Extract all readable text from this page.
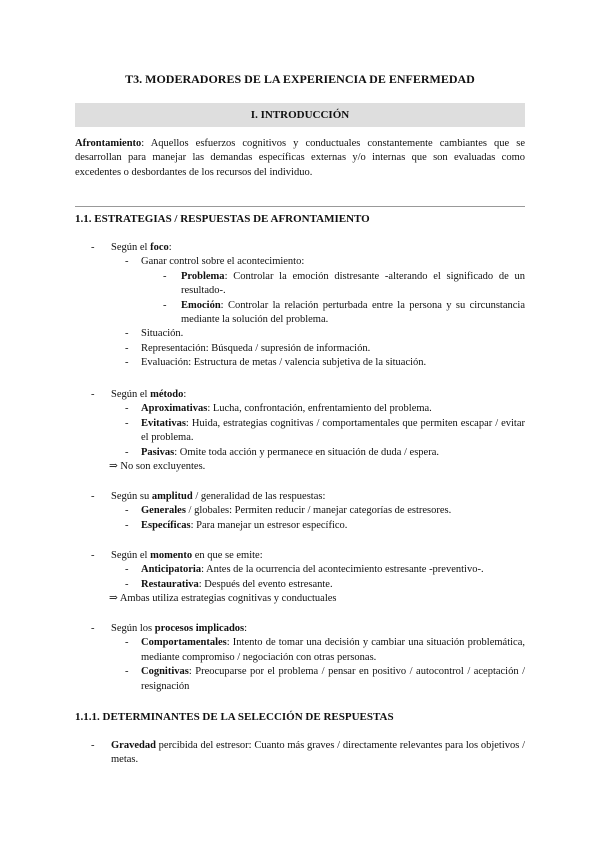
T3. MODERADORES DE LA EXPERIENCIA DE ENFERMEDAD
I. INTRODUCCIÓN
Afrontamiento: Aquellos esfuerzos cognitivos y conductuales constantemente cambiantes que se desarrollan para manejar las demandas específicas externas y/o internas que son evaluadas como excedentes o desbordantes de los recursos del individuo.
1.1. ESTRATEGIAS / RESPUESTAS DE AFRONTAMIENTO
-	Según el foco:
-	Ganar control sobre el acontecimiento:
-	Problema: Controlar la emoción distresante -alterando el significado de un resultado-.
-	Emoción: Controlar la relación perturbada entre la persona y su circunstancia mediante la solución del problema.
-	Situación.
-	Representación: Búsqueda / supresión de información.
-	Evaluación: Estructura de metas / valencia subjetiva de la situación.
-	Según el método:
-	Aproximativas: Lucha, confrontación, enfrentamiento del problema.
-	Evitativas: Huida, estrategias cognitivas / comportamentales que permiten escapar / evitar el problema.
-	Pasivas: Omite toda acción y permanece en situación de duda / espera.
⇒ No son excluyentes.
-	Según su amplitud / generalidad de las respuestas:
-	Generales / globales: Permiten reducir / manejar categorías de estresores.
-	Específicas: Para manejar un estresor específico.
-	Según el momento en que se emite:
-	Anticipatoria: Antes de la ocurrencia del acontecimiento estresante -preventivo-.
-	Restaurativa: Después del evento estresante.
⇒ Ambas utiliza estrategias cognitivas y conductuales
-	Según los procesos implicados:
-	Comportamentales: Intento de tomar una decisión y cambiar una situación problemática, mediante compromiso / negociación con otras personas.
-	Cognitivas: Preocuparse por el problema / pensar en positivo / autocontrol / aceptación / resignación
1.1.1. DETERMINANTES DE LA SELECCIÓN DE RESPUESTAS
-	Gravedad percibida del estresor: Cuanto más graves / directamente relevantes para los objetivos / metas.
